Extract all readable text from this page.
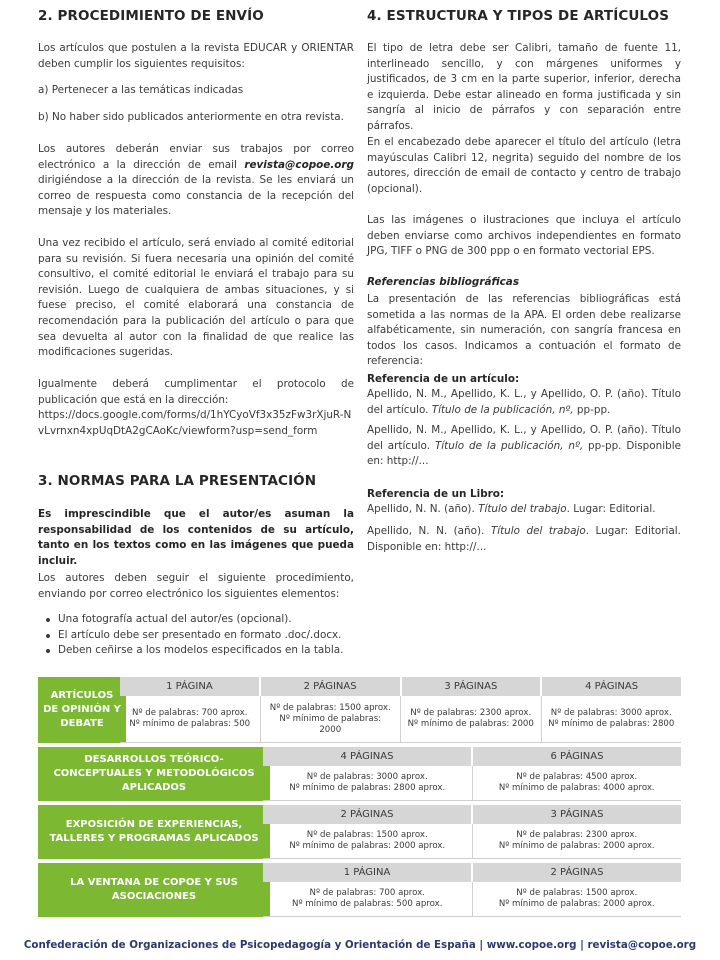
2. PROCEDIMIENTO DE ENVÍO

Los artículos que postulen a la revista EDUCAR y ORIENTAR deben cumplir los siguientes requisitos:

a) Pertenecer a las temáticas indicadas

b) No haber sido publicados anteriormente en otra revista.

Los autores deberán enviar sus trabajos por correo electrónico a la dirección de email revista@copoe.org dirigiéndose a la dirección de la revista. Se les enviará un correo de respuesta como constancia de la recepción del mensaje y los materiales.

Una vez recibido el artículo, será enviado al comité editorial para su revisión. Si fuera necesaria una opinión del comité consultivo, el comité editorial le enviará el trabajo para su revisión. Luego de cualquiera de ambas situaciones, y si fuese preciso, el comité elaborará una constancia de recomendación para la publicación del artículo o para que sea devuelta al autor con la finalidad de que realice las modificaciones sugeridas.

Igualmente deberá cumplimentar el protocolo de publicación que está en la dirección:

https://docs.google.com/forms/d/1hYCyoVf3x35zFw3rXjuR-NvLvrnxn4xpUqDtA2gCAoKc/viewform?usp=send_form

3. NORMAS PARA LA PRESENTACIÓN

Es imprescindible que el autor/es asuman la responsabilidad de los contenidos de su artículo, tanto en los textos como en las imágenes que pueda incluir.

Los autores deben seguir el siguiente procedimiento, enviando por correo electrónico los siguientes elementos:

Una fotografía actual del autor/es (opcional).
El artículo debe ser presentado en formato .doc/.docx.
Deben ceñirse a los modelos especificados en la tabla.
4. ESTRUCTURA Y TIPOS DE ARTÍCULOS

El tipo de letra debe ser Calibri, tamaño de fuente 11, interlineado sencillo, y con márgenes uniformes y justificados, de 3 cm en la parte superior, inferior, derecha e izquierda. Debe estar alineado en forma justificada y sin sangría al inicio de párrafos y con separación entre párrafos.

En el encabezado debe aparecer el título del artículo (letra mayúsculas Calibri 12, negrita) seguido del nombre de los autores, dirección de email de contacto y centro de trabajo (opcional).

Las las imágenes o ilustraciones que incluya el artículo deben enviarse como archivos independientes en formato JPG, TIFF o PNG de 300 ppp o en formato vectorial EPS.

Referencias bibliográficas

La presentación de las referencias bibliográficas está sometida a las normas de la APA. El orden debe realizarse alfabéticamente, sin numeración, con sangría francesa en todos los casos. Indicamos a contuación el formato de referencia:

Referencia de un artículo:

Apellido, N. M., Apellido, K. L., y Apellido, O. P. (año). Título del artículo. Título de la publicación, nº, pp-pp.

Apellido, N. M., Apellido, K. L., y Apellido, O. P. (año). Título del artículo. Título de la publicación, nº, pp-pp. Disponible en: http://...

Referencia de un Libro:

Apellido, N. N. (año). Título del trabajo. Lugar: Editorial.

Apellido, N. N. (año). Título del trabajo. Lugar: Editorial. Disponible en: http://...

ARTÍCULOS DE OPINIÓN Y DEBATE
1 PÁGINA	2 PÁGINAS	3 PÁGINAS	4 PÁGINAS
Nº de palabras: 700 aprox.
Nº mínimo de palabras: 500
Nº de palabras: 1500 aprox.
Nº mínimo de palabras:
2000
Nº de palabras: 2300 aprox.
Nº mínimo de palabras: 2000
Nº de palabras: 3000 aprox.
Nº mínimo de palabras: 2800
DESARROLLOS TEÓRICO-CONCEPTUALES Y METODOLÓGICOS APLICADOS
4 PÁGINAS	6 PÁGINAS
Nº de palabras: 3000 aprox.
Nº mínimo de palabras: 2800 aprox.
Nº de palabras: 4500 aprox.
Nº mínimo de palabras: 4000 aprox.
EXPOSICIÓN DE EXPERIENCIAS, TALLERES Y PROGRAMAS APLICADOS
2 PÁGINAS	3 PÁGINAS
Nº de palabras: 1500 aprox.
Nº mínimo de palabras: 2000 aprox.
Nº de palabras: 2300 aprox.
Nº mínimo de palabras: 2000 aprox.
LA VENTANA DE COPOE Y SUS ASOCIACIONES
1 PÁGINA	2 PÁGINAS
Nº de palabras: 700 aprox.
Nº mínimo de palabras: 500 aprox.
Nº de palabras: 1500 aprox.
Nº mínimo de palabras: 2000 aprox.
Confederación de Organizaciones de Psicopedagogía y Orientación de España | www.copoe.org | revista@copoe.org
